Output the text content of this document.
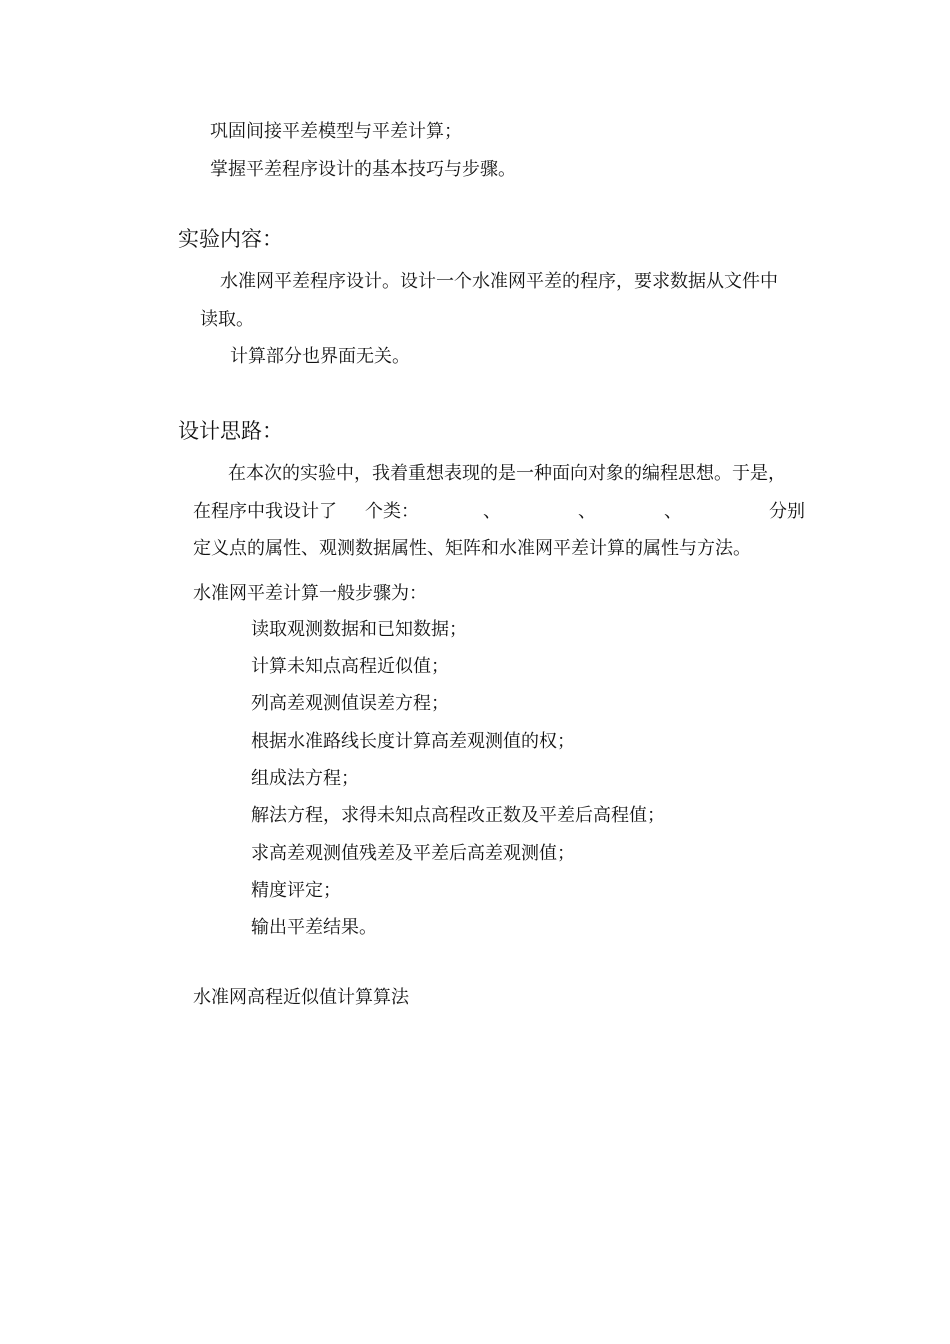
巩固间接平差模型与平差计算；
掌握平差程序设计的基本技巧与步骤。
实验内容：
水准网平差程序设计。设计一个水准网平差的程序，要求数据从文件中
读取。
计算部分也界面无关。
设计思路：
在本次的实验中，我着重想表现的是一种面向对象的编程思想。于是，
在程序中我设计了 个类：	、	、	、	分别
定义点的属性、观测数据属性、矩阵和水准网平差计算的属性与方法。
水准网平差计算一般步骤为：
读取观测数据和已知数据；
计算未知点高程近似值；
列高差观测值误差方程；
根据水准路线长度计算高差观测值的权；
组成法方程；
解法方程，求得未知点高程改正数及平差后高程值；
求高差观测值残差及平差后高差观测值；
精度评定；
输出平差结果。
水准网高程近似值计算算法
